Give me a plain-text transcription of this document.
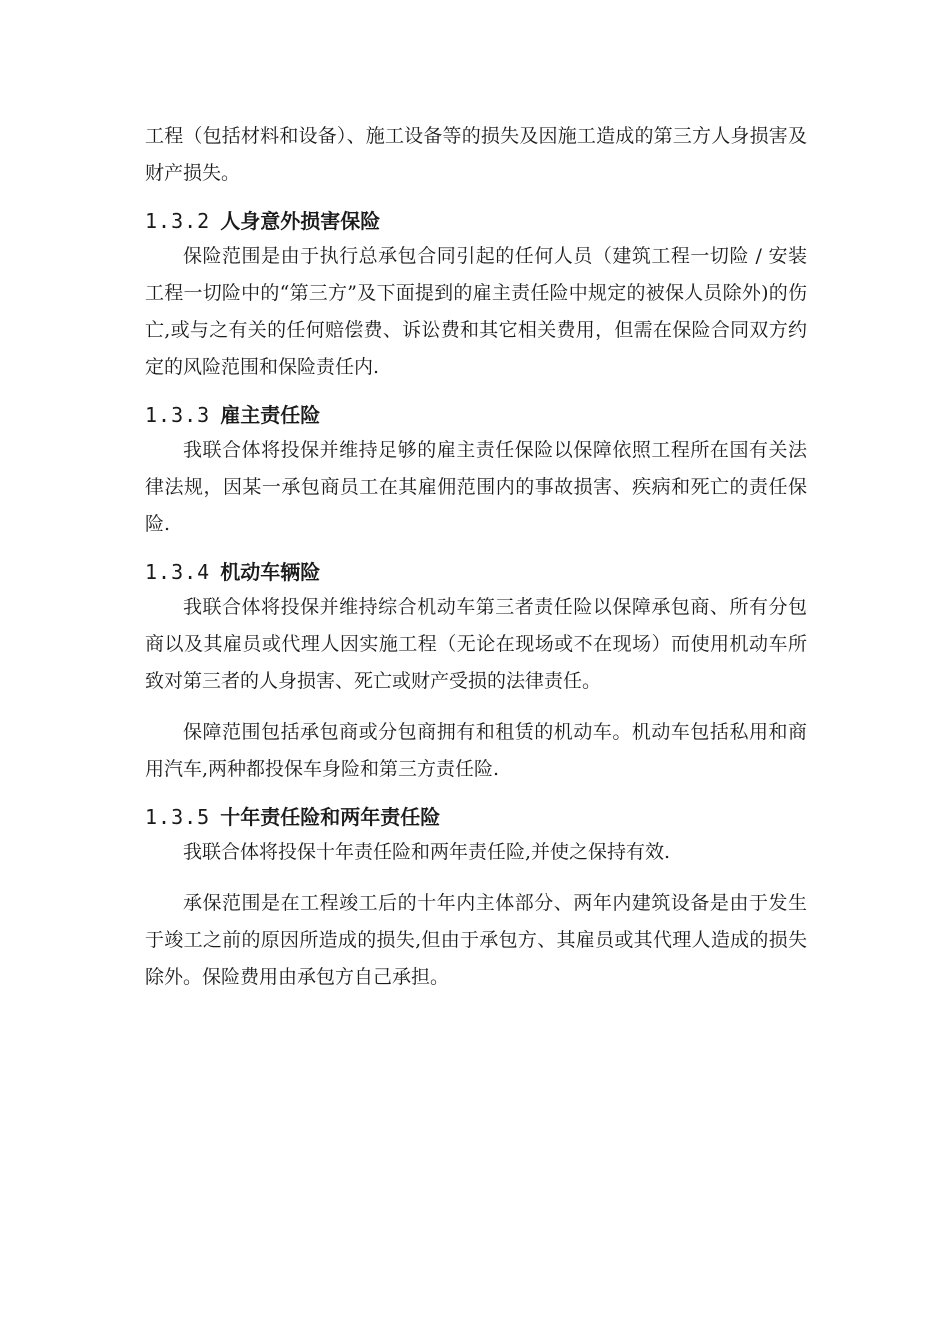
工程（包括材料和设备）、施工设备等的损失及因施工造成的第三方人身损害及财产损失。

1.3.2 人身意外损害保险

保险范围是由于执行总承包合同引起的任何人员（建筑工程一切险 / 安装工程一切险中的“第三方”及下面提到的雇主责任险中规定的被保人员除外)的伤亡,或与之有关的任何赔偿费、诉讼费和其它相关费用，但需在保险合同双方约定的风险范围和保险责任内.

1.3.3 雇主责任险

我联合体将投保并维持足够的雇主责任保险以保障依照工程所在国有关法律法规，因某一承包商员工在其雇佣范围内的事故损害、疾病和死亡的责任保险.

1.3.4 机动车辆险

我联合体将投保并维持综合机动车第三者责任险以保障承包商、所有分包商以及其雇员或代理人因实施工程（无论在现场或不在现场）而使用机动车所致对第三者的人身损害、死亡或财产受损的法律责任。

保障范围包括承包商或分包商拥有和租赁的机动车。机动车包括私用和商用汽车,两种都投保车身险和第三方责任险.

1.3.5 十年责任险和两年责任险

我联合体将投保十年责任险和两年责任险,并使之保持有效.

承保范围是在工程竣工后的十年内主体部分、两年内建筑设备是由于发生于竣工之前的原因所造成的损失,但由于承包方、其雇员或其代理人造成的损失除外。保险费用由承包方自己承担。
